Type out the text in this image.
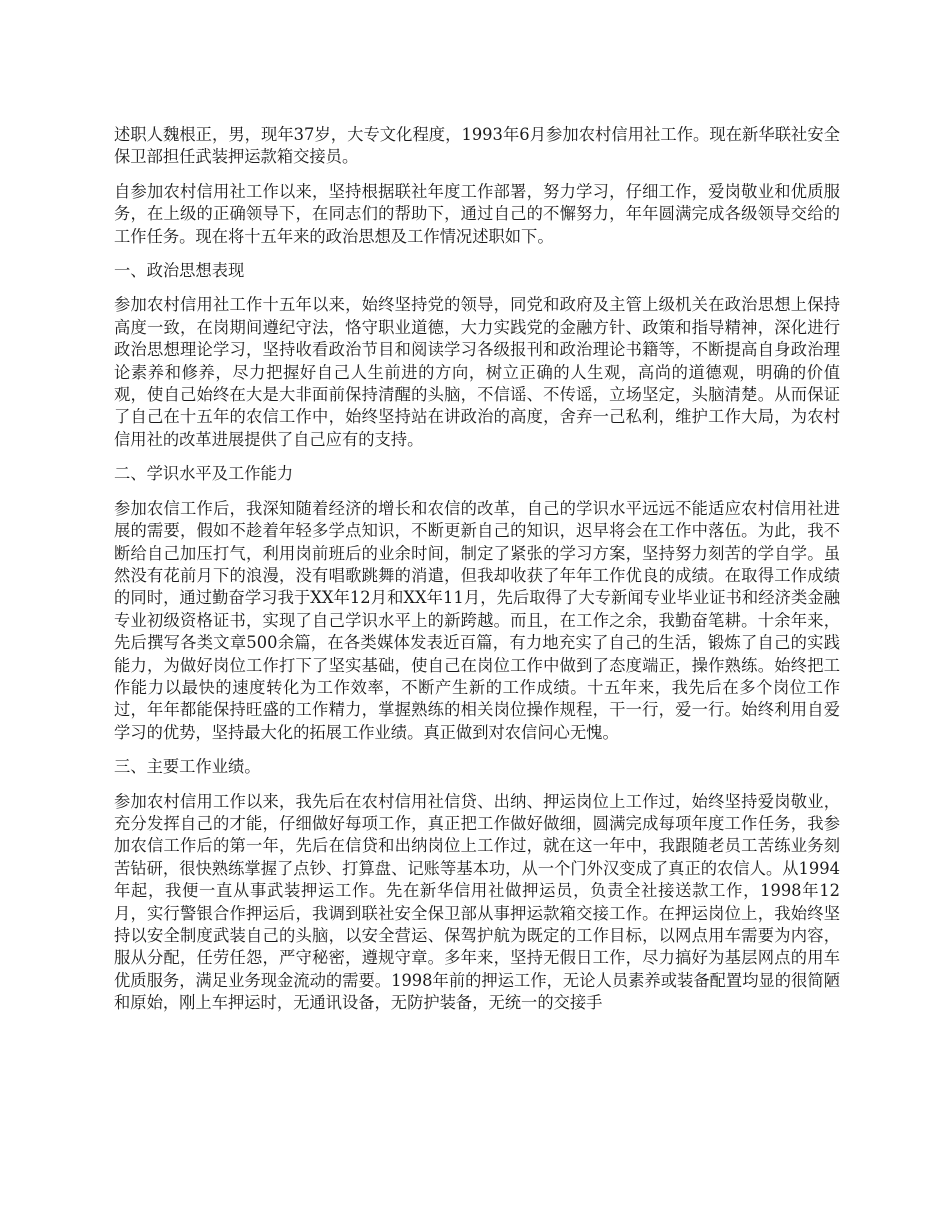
述职人魏根正，男，现年37岁，大专文化程度，1993年6月参加农村信用社工作。现在新华联社安全保卫部担任武装押运款箱交接员。

自参加农村信用社工作以来，坚持根据联社年度工作部署，努力学习，仔细工作，爱岗敬业和优质服务，在上级的正确领导下，在同志们的帮助下，通过自己的不懈努力，年年圆满完成各级领导交给的工作任务。现在将十五年来的政治思想及工作情况述职如下。

一、政治思想表现

参加农村信用社工作十五年以来，始终坚持党的领导，同党和政府及主管上级机关在政治思想上保持高度一致，在岗期间遵纪守法，恪守职业道德，大力实践党的金融方针、政策和指导精神，深化进行政治思想理论学习，坚持收看政治节目和阅读学习各级报刊和政治理论书籍等，不断提高自身政治理论素养和修养，尽力把握好自己人生前进的方向，树立正确的人生观，高尚的道德观，明确的价值观，使自己始终在大是大非面前保持清醒的头脑，不信谣、不传谣，立场坚定，头脑清楚。从而保证了自己在十五年的农信工作中，始终坚持站在讲政治的高度，舍弃一己私利，维护工作大局，为农村信用社的改革进展提供了自己应有的支持。

二、学识水平及工作能力

参加农信工作后，我深知随着经济的增长和农信的改革，自己的学识水平远远不能适应农村信用社进展的需要，假如不趁着年轻多学点知识，不断更新自己的知识，迟早将会在工作中落伍。为此，我不断给自己加压打气，利用岗前班后的业余时间，制定了紧张的学习方案，坚持努力刻苦的学自学。虽然没有花前月下的浪漫，没有唱歌跳舞的消遣，但我却收获了年年工作优良的成绩。在取得工作成绩的同时，通过勤奋学习我于XX年12月和XX年11月，先后取得了大专新闻专业毕业证书和经济类金融专业初级资格证书，实现了自己学识水平上的新跨越。而且，在工作之余，我勤奋笔耕。十余年来，先后撰写各类文章500余篇，在各类媒体发表近百篇，有力地充实了自己的生活，锻炼了自己的实践能力，为做好岗位工作打下了坚实基础，使自己在岗位工作中做到了态度端正，操作熟练。始终把工作能力以最快的速度转化为工作效率，不断产生新的工作成绩。十五年来，我先后在多个岗位工作过，年年都能保持旺盛的工作精力，掌握熟练的相关岗位操作规程，干一行，爱一行。始终利用自爱学习的优势，坚持最大化的拓展工作业绩。真正做到对农信问心无愧。

三、主要工作业绩。

参加农村信用工作以来，我先后在农村信用社信贷、出纳、押运岗位上工作过，始终坚持爱岗敬业，充分发挥自己的才能，仔细做好每项工作，真正把工作做好做细，圆满完成每项年度工作任务，我参加农信工作后的第一年，先后在信贷和出纳岗位上工作过，就在这一年中，我跟随老员工苦练业务刻苦钻研，很快熟练掌握了点钞、打算盘、记账等基本功，从一个门外汉变成了真正的农信人。从1994年起，我便一直从事武装押运工作。先在新华信用社做押运员，负责全社接送款工作，1998年12月，实行警银合作押运后，我调到联社安全保卫部从事押运款箱交接工作。在押运岗位上，我始终坚持以安全制度武装自己的头脑，以安全营运、保驾护航为既定的工作目标，以网点用车需要为内容，服从分配，任劳任怨，严守秘密，遵规守章。多年来，坚持无假日工作，尽力搞好为基层网点的用车优质服务，满足业务现金流动的需要。1998年前的押运工作，无论人员素养或装备配置均显的很简陋和原始，刚上车押运时，无通讯设备，无防护装备，无统一的交接手
